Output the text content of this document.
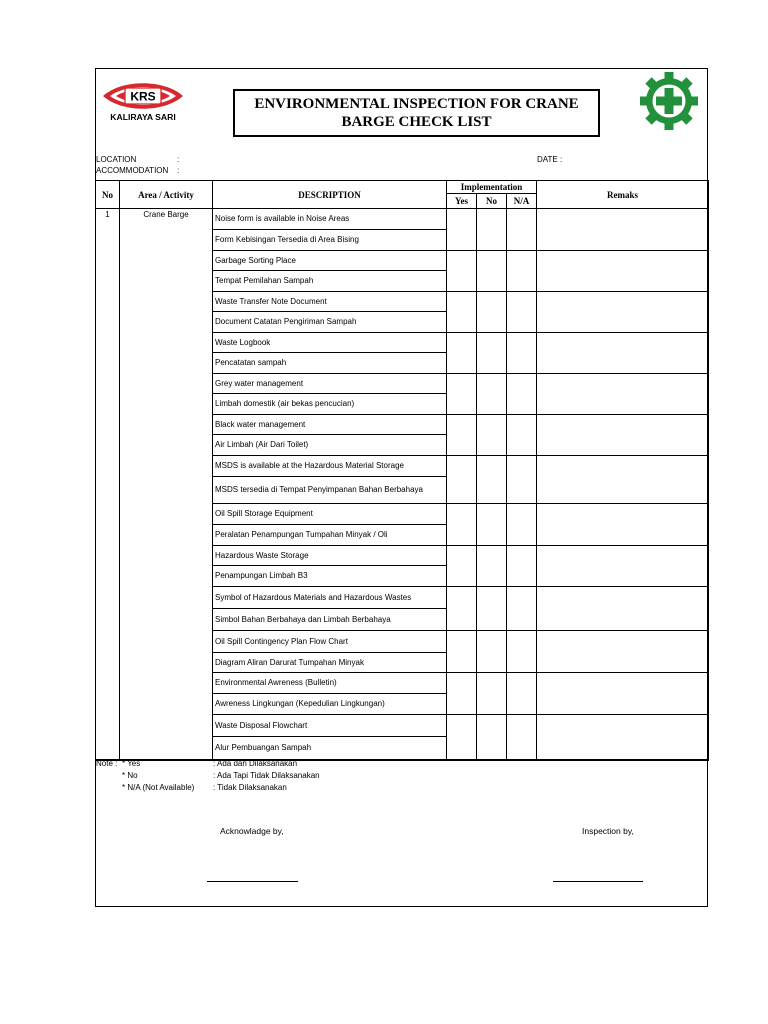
KRS
KALIRAYA SARI
ENVIRONMENTAL INSPECTION FOR CRANE
BARGE CHECK LIST
LOCATION	:
ACCOMMODATION :
DATE :
No	Area / Activity	DESCRIPTION	Implementation			Remaks
			Yes	No	N/A	
1	Crane Barge	Noise form is available in Noise Areas				
		Form Kebisingan Tersedia di Area Bising				
		Garbage Sorting Place				
		Tempat Pemilahan Sampah				
		Waste Transfer Note Document				
		Document Catatan Pengiriman Sampah				
		Waste Logbook				
		Pencatatan sampah				
		Grey water management				
		Limbah domestik (air bekas pencucian)				
		Black water management				
		Air Limbah (Air Dari Toilet)				
		MSDS is available at the Hazardous Material Storage				
		MSDS tersedia di Tempat Penyimpanan Bahan Berbahaya				
		Oil Spill Storage Equipment				
		Peralatan Penampungan Tumpahan Minyak / Oli				
		Hazardous Waste Storage				
		Penampungan Limbah B3				
		Symbol of Hazardous Materials and Hazardous Wastes				
		Simbol Bahan Berbahaya dan Limbah Berbahaya				
		Oil Spill Contingency Plan Flow Chart				
		Diagram Aliran Darurat Tumpahan Minyak				
		Environmental Awreness (Bulletin)				
		Awreness Lingkungan (Kepedulian Lingkungan)				
		Waste Disposal Flowchart				
		Alur Pembuangan Sampah				
Note : * Yes	: Ada dan Dilaksanakan
* No	: Ada Tapi Tidak Dilaksanakan
* N/A (Not Available) : Tidak Dilaksanakan
Acknowladge by,	Inspection by,
